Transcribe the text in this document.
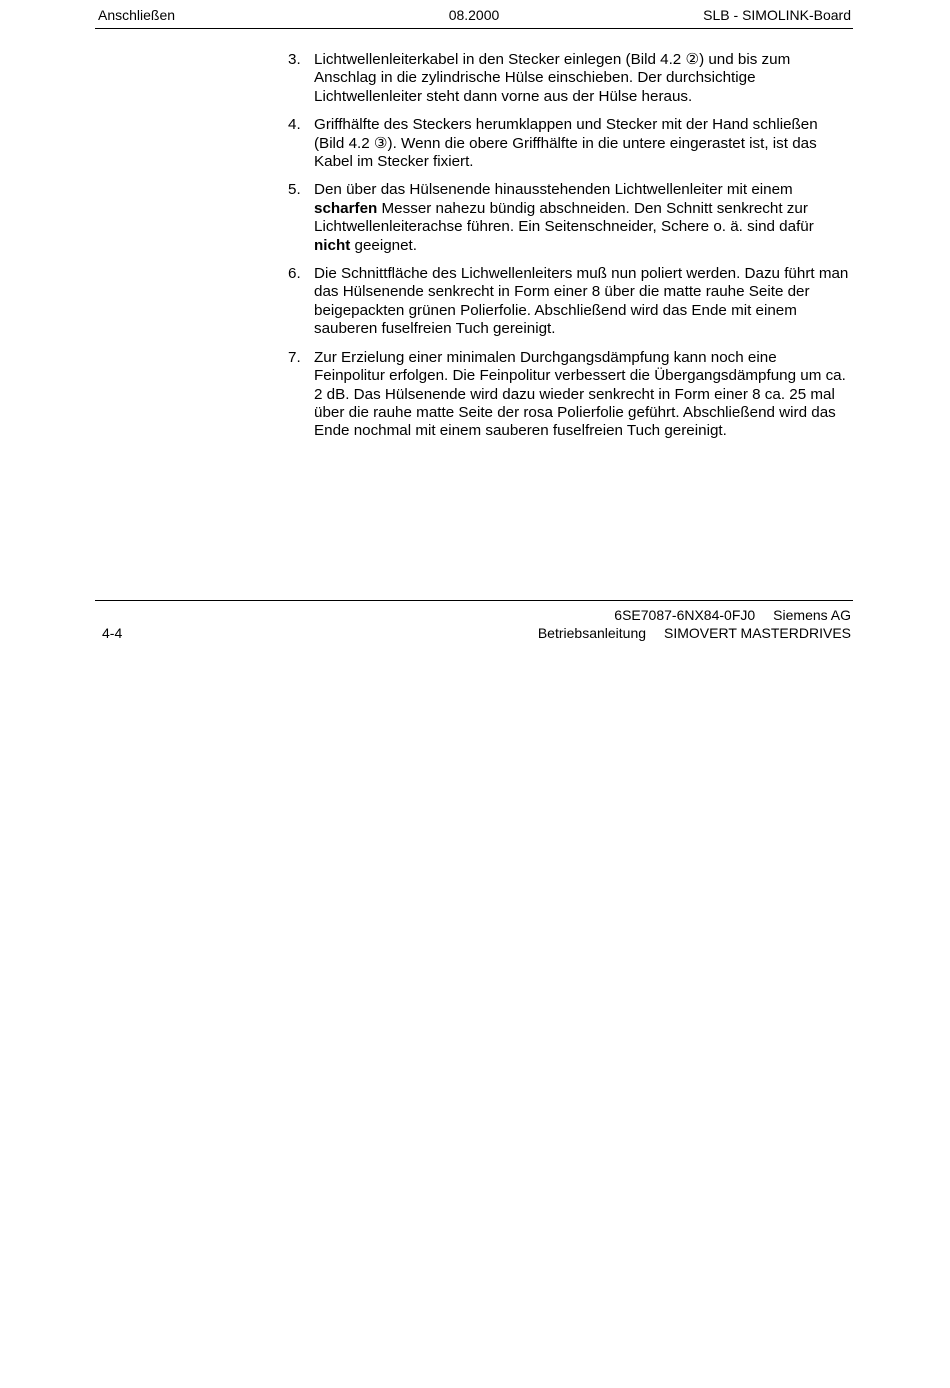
Anschließen	08.2000	SLB - SIMOLINK-Board
3. Lichtwellenleiterkabel in den Stecker einlegen (Bild 4.2 ②) und bis zum Anschlag in die zylindrische Hülse einschieben. Der durchsichtige Lichtwellenleiter steht dann vorne aus der Hülse heraus.
4. Griffhälfte des Steckers herumklappen und Stecker mit der Hand schließen (Bild 4.2 ③). Wenn die obere Griffhälfte in die untere eingerastet ist, ist das Kabel im Stecker fixiert.
5. Den über das Hülsenende hinausstehenden Lichtwellenleiter mit einem scharfen Messer nahezu bündig abschneiden. Den Schnitt senkrecht zur Lichtwellenleiterachse führen. Ein Seitenschneider, Schere o. ä. sind dafür nicht geeignet.
6. Die Schnittfläche des Lichwellenleiters muß nun poliert werden. Dazu führt man das Hülsenende senkrecht in Form einer 8 über die matte rauhe Seite der beigepackten grünen Polierfolie. Abschließend wird das Ende mit einem sauberen fuselfreien Tuch gereinigt.
7. Zur Erzielung einer minimalen Durchgangsdämpfung kann noch eine Feinpolitur erfolgen. Die Feinpolitur verbessert die Übergangsdämpfung um ca. 2 dB. Das Hülsenende wird dazu wieder senkrecht in Form einer 8 ca. 25 mal über die rauhe matte Seite der rosa Polierfolie geführt. Abschließend wird das Ende nochmal mit einem sauberen fuselfreien Tuch gereinigt.
4-4
6SE7087-6NX84-0FJ0 Siemens AG
Betriebsanleitung SIMOVERT MASTERDRIVES
